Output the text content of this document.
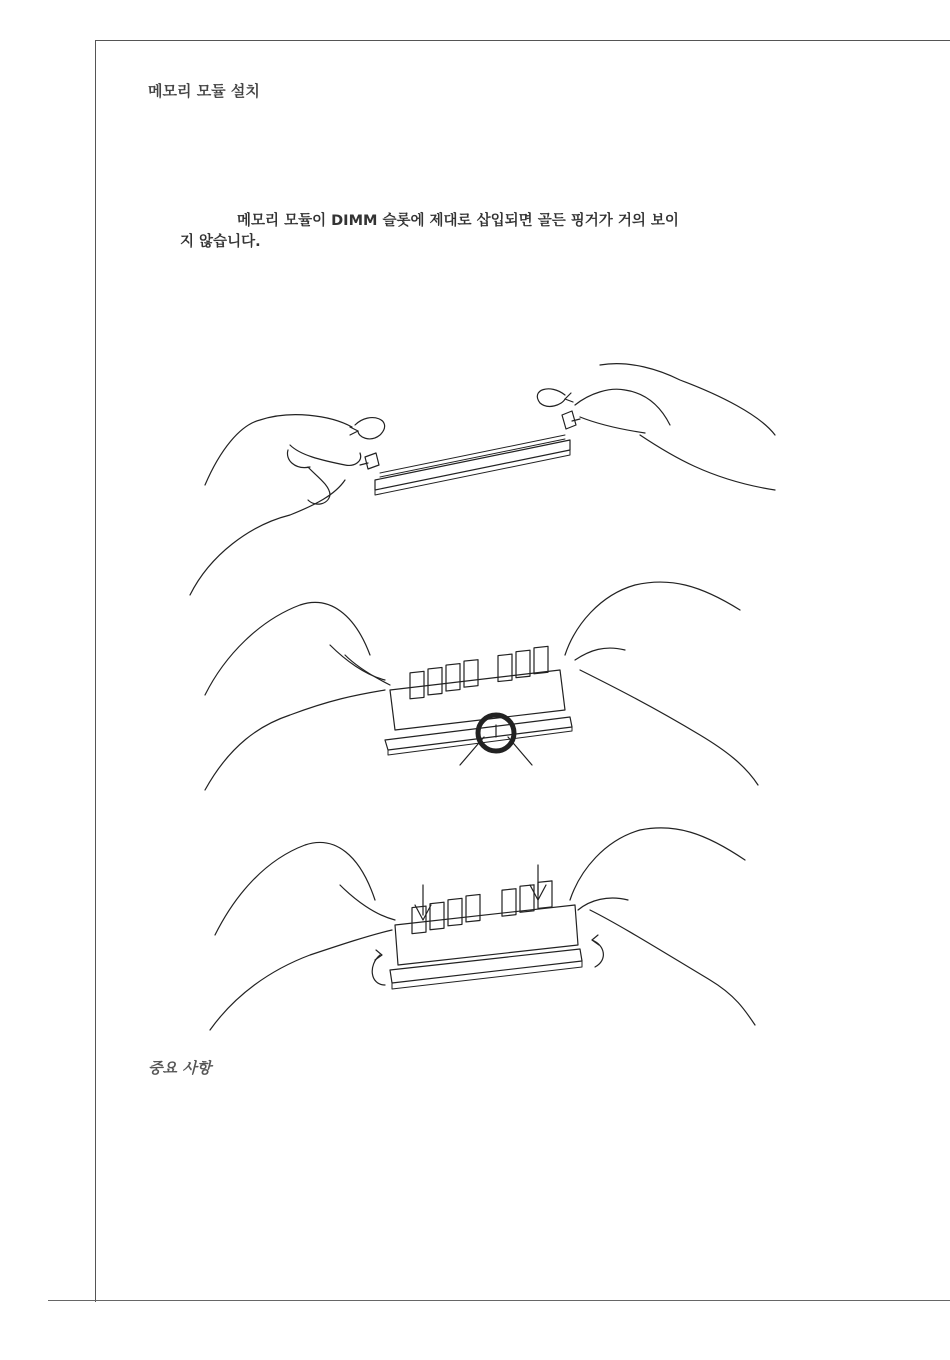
메모리 모듈 설치

메모리 모듈이 DIMM 슬롯에 제대로 삽입되면 골든 핑거가 거의 보이
지 않습니다.

중요 사항
